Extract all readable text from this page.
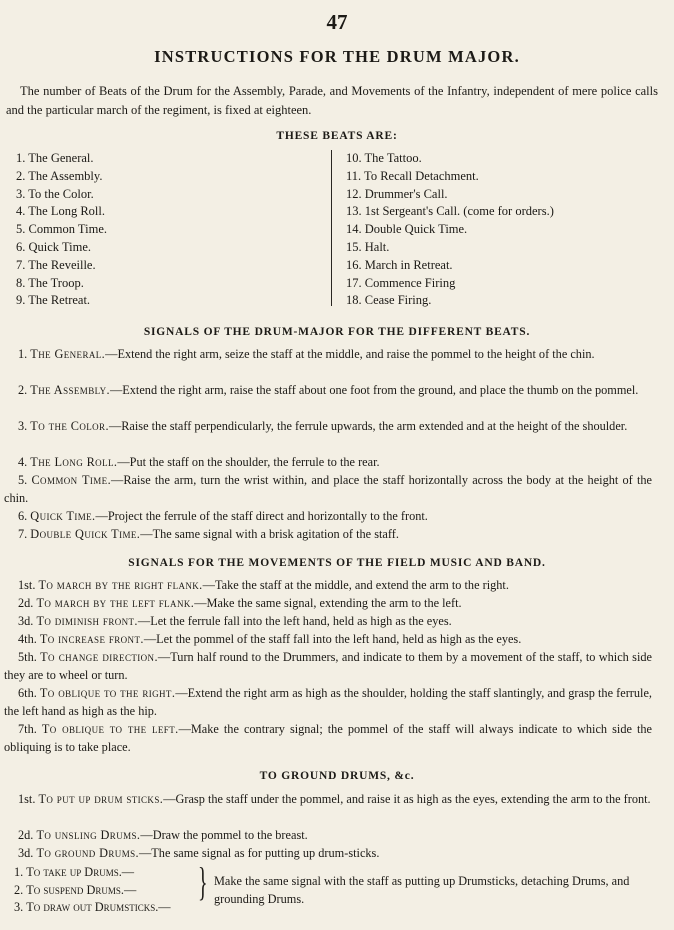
47
INSTRUCTIONS FOR THE DRUM MAJOR.
The number of Beats of the Drum for the Assembly, Parade, and Movements of the Infantry, independent of mere police calls and the particular march of the regiment, is fixed at eighteen.
THESE BEATS ARE:
1. The General.
2. The Assembly.
3. To the Color.
4. The Long Roll.
5. Common Time.
6. Quick Time.
7. The Reveille.
8. The Troop.
9. The Retreat.
10. The Tattoo.
11. To Recall Detachment.
12. Drummer's Call.
13. 1st Sergeant's Call. (come for orders.)
14. Double Quick Time.
15. Halt.
16. March in Retreat.
17. Commence Firing
18. Cease Firing.
SIGNALS OF THE DRUM-MAJOR FOR THE DIFFERENT BEATS.
1. The General.—Extend the right arm, seize the staff at the middle, and raise the pommel to the height of the chin.
2. The Assembly.—Extend the right arm, raise the staff about one foot from the ground, and place the thumb on the pommel.
3. To the Color.—Raise the staff perpendicularly, the ferrule upwards, the arm extended and at the height of the shoulder.
4. The Long Roll.—Put the staff on the shoulder, the ferrule to the rear.
5. Common Time.—Raise the arm, turn the wrist within, and place the staff horizontally across the body at the height of the chin.
6. Quick Time.—Project the ferrule of the staff direct and horizontally to the front.
7. Double Quick Time.—The same signal with a brisk agitation of the staff.
SIGNALS FOR THE MOVEMENTS OF THE FIELD MUSIC AND BAND.
1st. To march by the right flank.—Take the staff at the middle, and extend the arm to the right.
2d. To march by the left flank.—Make the same signal, extending the arm to the left.
3d. To diminish front.—Let the ferrule fall into the left hand, held as high as the eyes.
4th. To increase front.—Let the pommel of the staff fall into the left hand, held as high as the eyes.
5th. To change direction.—Turn half round to the Drummers, and indicate to them by a movement of the staff, to which side they are to wheel or turn.
6th. To oblique to the right.—Extend the right arm as high as the shoulder, holding the staff slantingly, and grasp the ferrule, the left hand as high as the hip.
7th. To oblique to the left.—Make the contrary signal; the pommel of the staff will always indicate to which side the obliquing is to take place.
TO GROUND DRUMS, &c.
1st. To put up drum sticks.—Grasp the staff under the pommel, and raise it as high as the eyes, extending the arm to the front.
2d. To unsling Drums.—Draw the pommel to the breast.
3d. To ground Drums.—The same signal as for putting up drum-sticks.
1. To take up Drums.—
2. To suspend Drums.—
3. To draw out Drumsticks.—
} Make the same signal with the staff as putting up Drumsticks, detaching Drums, and grounding Drums.
